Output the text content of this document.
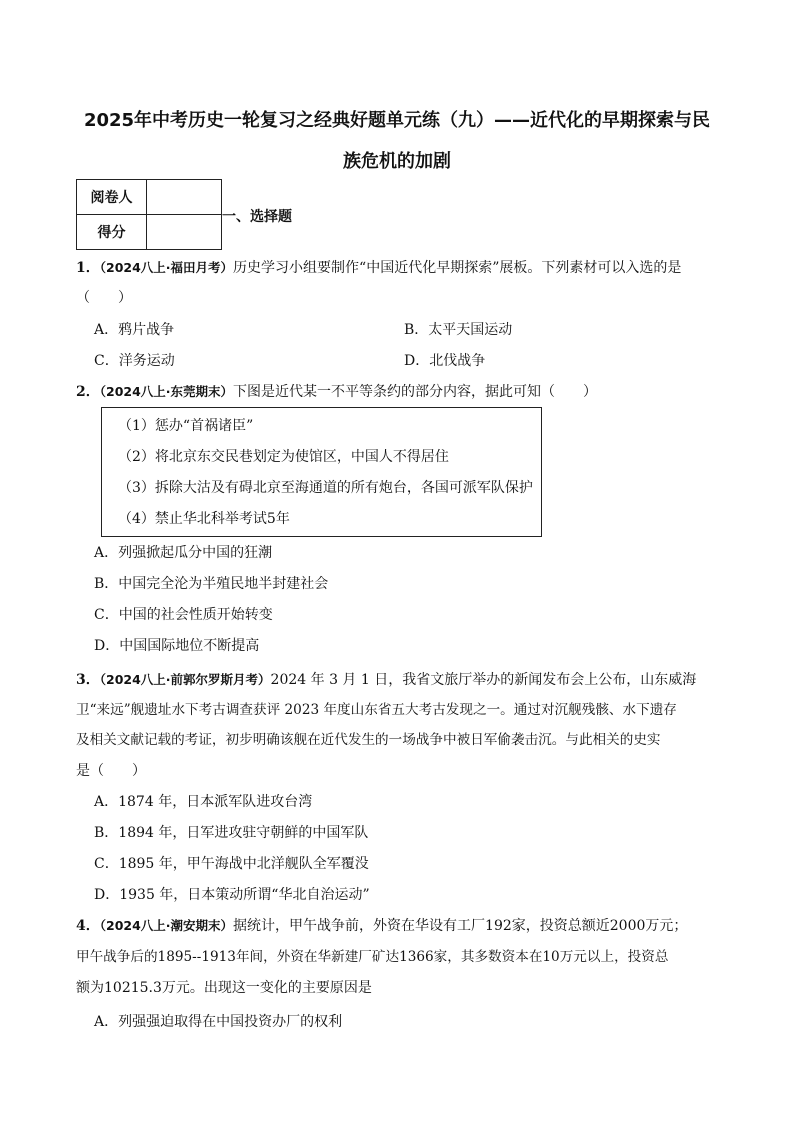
2025年中考历史一轮复习之经典好题单元练（九）——近代化的早期探索与民
族危机的加剧
阅卷人	
得分	
一、选择题
1．（2024八上·福田月考）历史学习小组要制作“中国近代化早期探索”展板。下列素材可以入选的是
（　　）
A．鸦片战争	B．太平天国运动
C．洋务运动	D．北伐战争
2．（2024八上·东莞期末）下图是近代某一不平等条约的部分内容，据此可知（　　）
（1）惩办“首祸诸臣”
（2）将北京东交民巷划定为使馆区，中国人不得居住
（3）拆除大沽及有碍北京至海通道的所有炮台，各国可派军队保护
（4）禁止华北科举考试5年
A．列强掀起瓜分中国的狂潮
B．中国完全沦为半殖民地半封建社会
C．中国的社会性质开始转变
D．中国国际地位不断提高
3．（2024八上·前郭尔罗斯月考）2024 年 3 月 1 日，我省文旅厅举办的新闻发布会上公布，山东威海
卫“来远”舰遗址水下考古调查获评 2023 年度山东省五大考古发现之一。通过对沉舰残骸、水下遗存
及相关文献记载的考证，初步明确该舰在近代发生的一场战争中被日军偷袭击沉。与此相关的史实
是（　　）
A．1874 年，日本派军队进攻台湾
B．1894 年，日军进攻驻守朝鲜的中国军队
C．1895 年，甲午海战中北洋舰队全军覆没
D．1935 年，日本策动所谓“华北自治运动”
4．（2024八上·潮安期末）据统计，甲午战争前，外资在华设有工厂192家，投资总额近2000万元；
甲午战争后的1895--1913年间，外资在华新建厂矿达1366家，其多数资本在10万元以上，投资总
额为10215.3万元。出现这一变化的主要原因是
A．列强强迫取得在中国投资办厂的权利
